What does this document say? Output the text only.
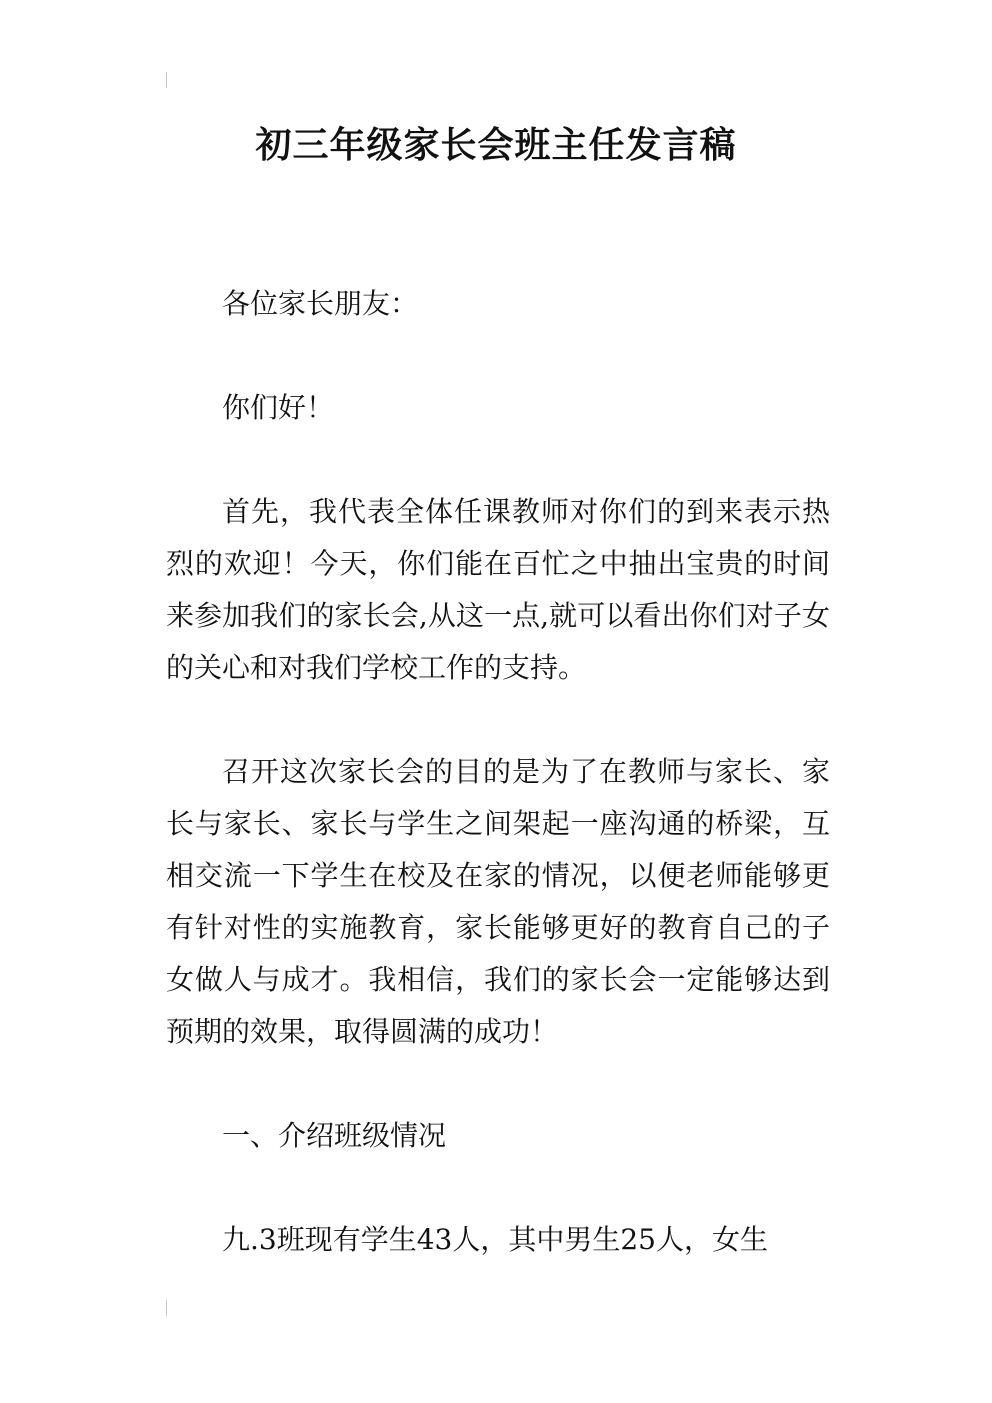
初三年级家长会班主任发言稿

各位家长朋友：

你们好！

首先，我代表全体任课教师对你们的到来表示热烈的欢迎！今天，你们能在百忙之中抽出宝贵的时间来参加我们的家长会,从这一点,就可以看出你们对子女的关心和对我们学校工作的支持。

召开这次家长会的目的是为了在教师与家长、家长与家长、家长与学生之间架起一座沟通的桥梁，互相交流一下学生在校及在家的情况，以便老师能够更有针对性的实施教育，家长能够更好的教育自己的子女做人与成才。我相信，我们的家长会一定能够达到预期的效果，取得圆满的成功！

一、介绍班级情况

九.3班现有学生43人，其中男生25人，女生
